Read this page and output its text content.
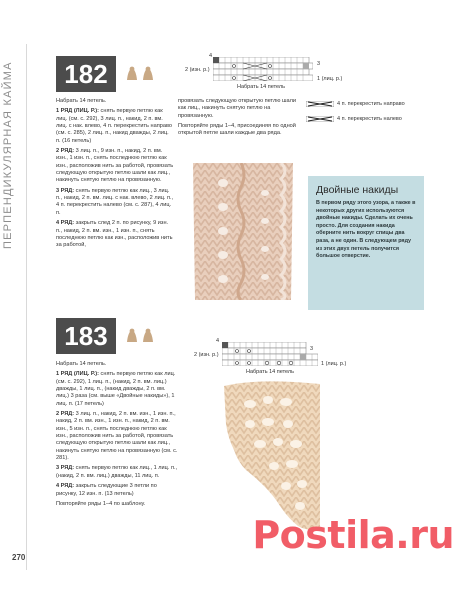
ПЕРПЕНДИКУЛЯРНАЯ КАЙМА	182

Набрать 14 петель.

1 РЯД (ЛИЦ. Р.): снять первую петлю как лиц. (см. с. 292), 3 лиц. п., накид, 2 п. вм. лиц. с нак. влево, 4 п. перекрестить направо (см. с. 285), 2 лиц. п., накид дважды, 2 лиц. п. (16 петель)

2 РЯД: 3 лиц. п., 9 изн. п., накид, 2 п. вм. изн., 1 изн. п., снять последнюю петлю как изн., расположив нить за работой, провязать следующую открытую петлю шали как лиц., накинуть снятую петлю на провязанную.

3 РЯД: снять первую петлю как лиц., 3 лиц. п., накид, 2 п. вм. лиц. с нак. влево, 2 лиц. п., 4 п. перекрестить налево (см. с. 287), 4 лиц. п.

4 РЯД: закрыть след 2 п. по рисунку, 9 изн. п., накид, 2 п. вм. изн., 1 изн. п., снять последнюю петлю как изн., расположив нить за работой,

провязать следующую открытую петлю шали как лиц., накинуть снятую петлю на провязанную.

Повторяйте ряды 1–4, присоединяя по одной открытой петле шали каждые два ряда.

4
3
2 (изн. р.)
1 (лиц. р.)
Набрать 14 петель
4 п. перекрестить направо
4 п. перекрестить налево
Двойные накиды

В первом ряду этого узора, а также в некоторых других используются двойные накиды. Сделать их очень просто. Для создания накида оберните нить вокруг спицы два раза, а не один. В следующем ряду из этих двух петель получится большое отверстие.

183

Набрать 14 петель.

1 РЯД (ЛИЦ. Р.): снять первую петлю как лиц. (см. с. 292), 1 лиц. п., (накид, 2 п. вм. лиц.) дважды, 1 лиц. п., (накид дважды, 2 п. вм. лиц.) 3 раза (см. выше «Двойные накиды»), 1 лиц. п. (17 петель)

2 РЯД: 3 лиц. п., накид, 2 п. вм. изн., 1 изн. п., накид, 2 п. вм. изн., 1 изн. п., накид, 2 п. вм. изн., 5 изн. п., снять последнюю петлю как изн., расположив нить за работой, провязать следующую открытую петлю шали как лиц., накинуть снятую петлю на провязанную (см. с. 281).

3 РЯД: снять первую петлю как лиц., 1 лиц. п., (накид, 2 п. вм. лиц.) дважды, 11 лиц. п.

4 РЯД: закрыть следующие 3 петли по рисунку, 12 изн. п. (13 петель)

Повторяйте ряды 1–4 по шаблону.

4
3
2 (изн. р.)
1 (лиц. р.)
Набрать 14 петель
270
Postila.ru
